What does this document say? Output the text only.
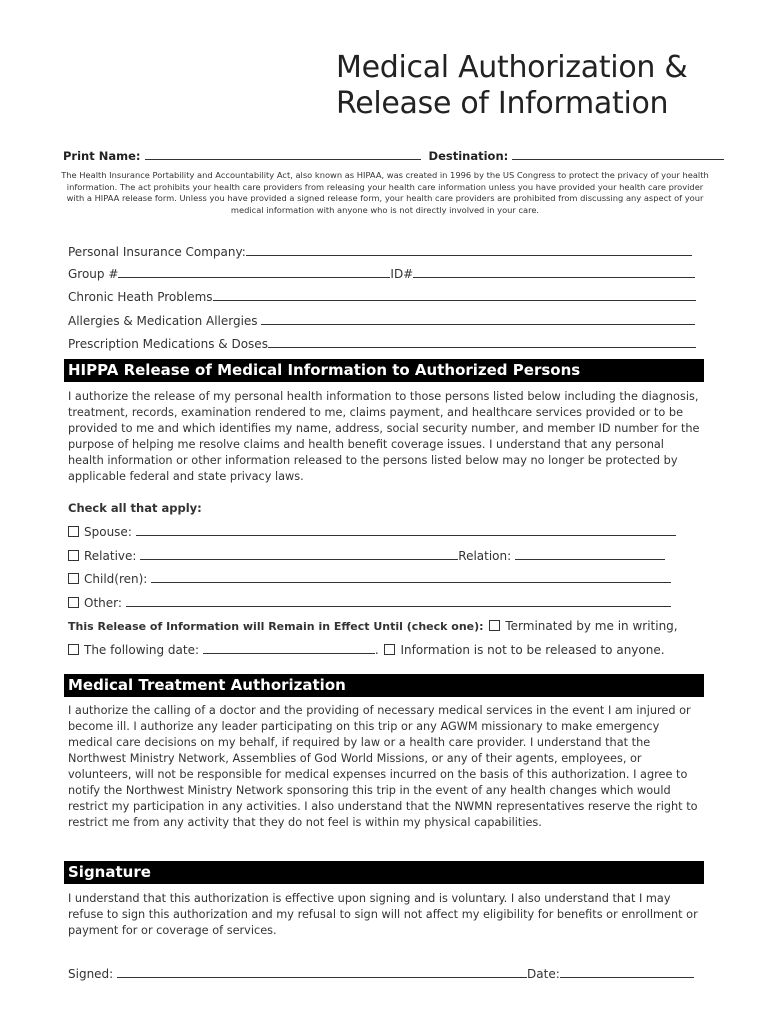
Medical Authorization &
Release of Information
Print Name:	Destination:
The Health Insurance Portability and Accountability Act, also known as HIPAA, was created in 1996 by the US Congress to protect the privacy of your health information. The act prohibits your health care providers from releasing your health care information unless you have provided your health care provider with a HIPAA release form. Unless you have provided a signed release form, your health care providers are prohibited from discussing any aspect of your medical information with anyone who is not directly involved in your care.
Personal Insurance Company:
Group #	ID#
Chronic Heath Problems
Allergies & Medication Allergies
Prescription Medications & Doses
HIPPA Release of Medical Information to Authorized Persons
I authorize the release of my personal health information to those persons listed below including the diagnosis, treatment, records, examination rendered to me, claims payment, and healthcare services provided or to be provided to me and which identifies my name, address, social security number, and member ID number for the purpose of helping me resolve claims and health benefit coverage issues. I understand that any personal health information or other information released to the persons listed below may no longer be protected by applicable federal and state privacy laws.
Check all that apply:
Spouse:
Relative:	Relation:
Child(ren):
Other:
This Release of Information will Remain in Effect Until (check one): Terminated by me in writing,
The following date:	. Information is not to be released to anyone.
Medical Treatment Authorization
I authorize the calling of a doctor and the providing of necessary medical services in the event I am injured or become ill. I authorize any leader participating on this trip or any AGWM missionary to make emergency medical care decisions on my behalf, if required by law or a health care provider. I understand that the Northwest Ministry Network, Assemblies of God World Missions, or any of their agents, employees, or volunteers, will not be responsible for medical expenses incurred on the basis of this authorization. I agree to notify the Northwest Ministry Network sponsoring this trip in the event of any health changes which would restrict my participation in any activities. I also understand that the NWMN representatives reserve the right to restrict me from any activity that they do not feel is within my physical capabilities.
Signature
I understand that this authorization is effective upon signing and is voluntary. I also understand that I may refuse to sign this authorization and my refusal to sign will not affect my eligibility for benefits or enrollment or payment for or coverage of services.
Signed:	Date:
